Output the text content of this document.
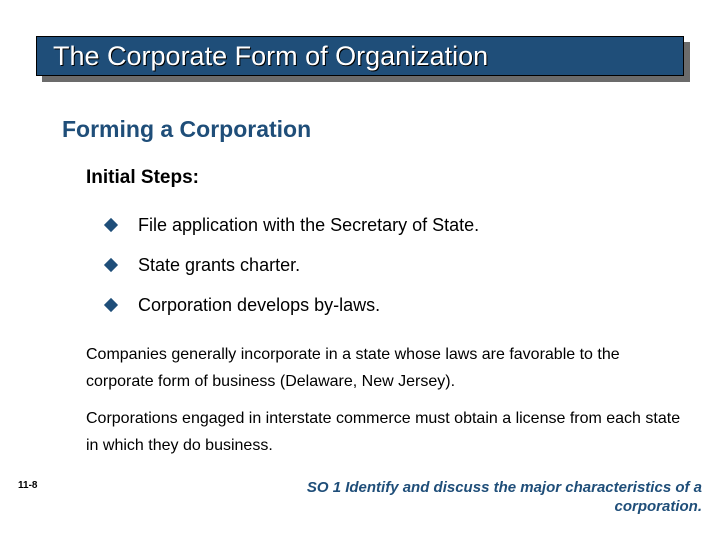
The Corporate Form of Organization
Forming a Corporation
Initial Steps:
File application with the Secretary of State.
State grants charter.
Corporation develops by-laws.
Companies generally incorporate in a state whose laws are favorable to the corporate form of business (Delaware, New Jersey).
Corporations engaged in interstate commerce must obtain a license from each state in which they do business.
11-8	SO 1 Identify and discuss the major characteristics of a corporation.
